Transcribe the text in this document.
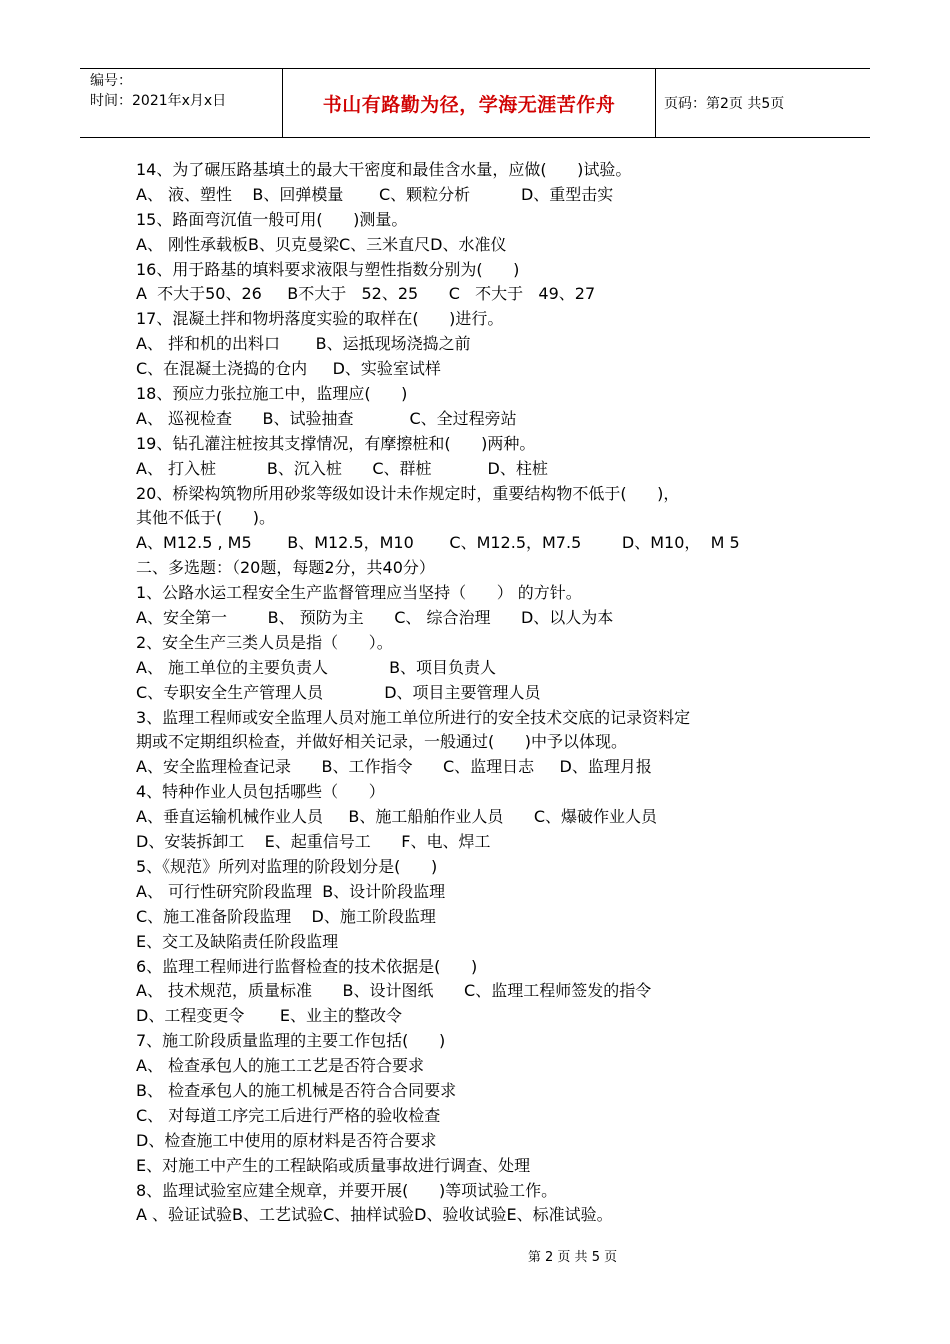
编号：
时间：2021年x月x日	书山有路勤为径，学海无涯苦作舟	页码：第2页 共5页
14、为了碾压路基填土的最大干密度和最佳含水量，应做(      )试验。
A、 液、塑性    B、回弹模量       C、颗粒分析          D、重型击实
15、路面弯沉值一般可用(      )测量。
A、 刚性承载板B、贝克曼梁C、三米直尺D、水准仪
16、用于路基的填料要求液限与塑性指数分别为(      )
A  不大于50、26     B不大于   52、25      C   不大于   49、27
17、混凝土拌和物坍落度实验的取样在(      )进行。
A、 拌和机的出料口       B、运抵现场浇捣之前
C、在混凝土浇捣的仓内     D、实验室试样
18、预应力张拉施工中，监理应(      )
A、 巡视检查      B、试验抽查           C、全过程旁站
19、钻孔灌注桩按其支撑情况，有摩擦桩和(      )两种。
A、 打入桩          B、沉入桩      C、群桩           D、柱桩
20、桥梁构筑物所用砂浆等级如设计未作规定时，重要结构物不低于(      )，
其他不低于(      )。
A、M12.5 , M5       B、M12.5，M10       C、M12.5，M7.5        D、M10，  M 5
二、多选题：（20题，每题2分，共40分）
1、公路水运工程安全生产监督管理应当坚持（      ） 的方针。
A、安全第一        B、 预防为主      C、 综合治理      D、以人为本
2、安全生产三类人员是指（      ）。
A、 施工单位的主要负责人            B、项目负责人
C、专职安全生产管理人员            D、项目主要管理人员
3、监理工程师或安全监理人员对施工单位所进行的安全技术交底的记录资料定
期或不定期组织检查，并做好相关记录，一般通过(      )中予以体现。
A、安全监理检查记录      B、工作指令      C、监理日志     D、监理月报
4、特种作业人员包括哪些（      ）
A、垂直运输机械作业人员     B、施工船舶作业人员      C、爆破作业人员
D、安装拆卸工    E、起重信号工      F、电、焊工
5、《规范》所列对监理的阶段划分是(      )
A、 可行性研究阶段监理  B、设计阶段监理
C、施工准备阶段监理    D、施工阶段监理
E、交工及缺陷责任阶段监理
6、监理工程师进行监督检查的技术依据是(      )
A、 技术规范，质量标准      B、设计图纸      C、监理工程师签发的指令
D、工程变更令       E、业主的整改令
7、施工阶段质量监理的主要工作包括(      )
A、 检查承包人的施工工艺是否符合要求
B、 检查承包人的施工机械是否符合合同要求
C、 对每道工序完工后进行严格的验收检查
D、检查施工中使用的原材料是否符合要求
E、对施工中产生的工程缺陷或质量事故进行调查、处理
8、监理试验室应建全规章，并要开展(      )等项试验工作。
A 、验证试验B、工艺试验C、抽样试验D、验收试验E、标准试验。
第 2 页 共 5 页
